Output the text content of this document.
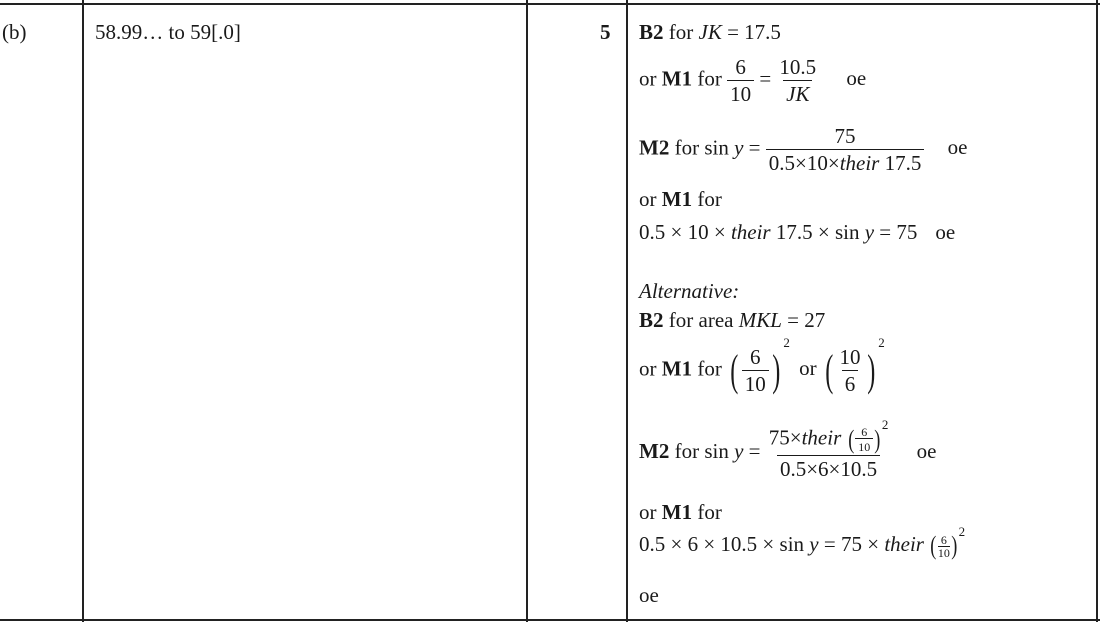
(b)	58.99… to 59[.0]	5 B2 for JK = 17.5
or M1 for $\frac{6}{10} = \frac{10.5}{JK}$ oe
M2 for $\sin y = \frac{75}{\text{0.5×10×their 17.5}}$ oe
or M1 for
0.5 × 10 × their 17.5 × sin y = 75 oe
Alternative:
B2 for area MKL = 27
or M1 for ( $\frac{6}{10} )^2$ or ( $\frac{10}{6} )^2$
M2 for $\sin y = \frac{75\times their ( \frac{6}{10} )^2}{0.5\times 6\times 10.5}$ oe
or M1 for
0.5 × 6 × 10.5 × sin y = 75 × their ( $\frac{6}{10} )^2$
oe
